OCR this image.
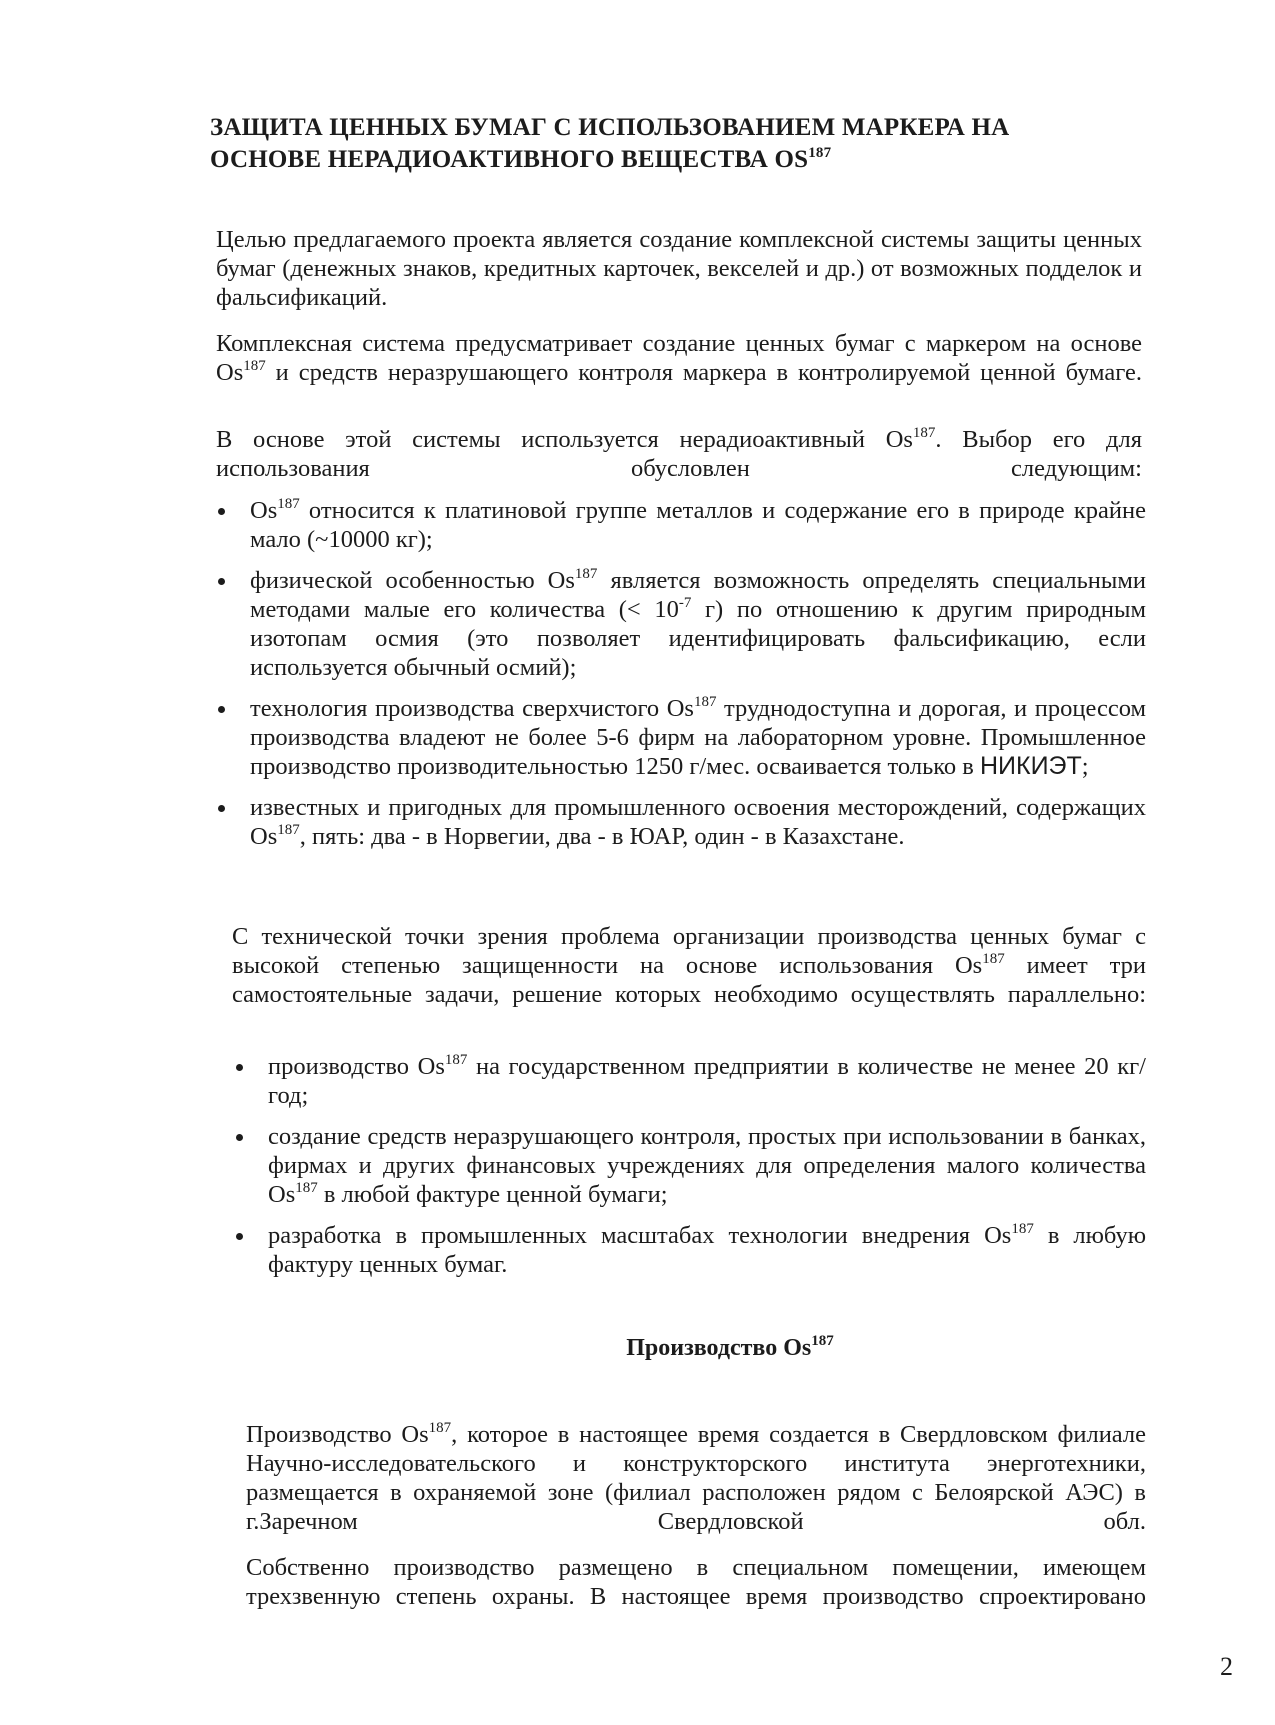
ЗАЩИТА ЦЕННЫХ БУМАГ С ИСПОЛЬЗОВАНИЕМ МАРКЕРА НА
ОСНОВЕ НЕРАДИОАКТИВНОГО ВЕЩЕСТВА OS$^{187}$

Целью предлагаемого проекта является создание комплексной системы защиты ценных бумаг (денежных знаков, кредитных карточек, векселей и др.) от возможных подделок и фальсификаций.

Комплексная система предусматривает создание ценных бумаг с маркером на основе Os$^{187}$ и средств неразрушающего контроля маркера в контролируемой ценной бумаге.

В основе этой системы используется нерадиоактивный Os$^{187}$. Выбор его для использования обусловлен следующим:

Os$^{187}$ относится к платиновой группе металлов и содержание его в природе крайне мало (~10000 кг);
физической особенностью Os$^{187}$ является возможность определять специальными методами малые его количества (< $10^{-7}$ г) по отношению к другим природным изотопам осмия (это позволяет идентифицировать фальсификацию, если используется обычный осмий);
технология производства сверхчистого Os$^{187}$ труднодоступна и дорогая, и процессом производства владеют не более 5-6 фирм на лабораторном уровне. Промышленное производство производительностью 1250 г/мес. осваивается только в НИКИЭТ;
известных и пригодных для промышленного освоения месторождений, содержащих Os$^{187}$, пять: два - в Норвегии, два - в ЮАР, один - в Казахстане.

С технической точки зрения проблема организации производства ценных бумаг с высокой степенью защищенности на основе использования Os$^{187}$ имеет три самостоятельные задачи, решение которых необходимо осуществлять параллельно:

производство Os$^{187}$ на государственном предприятии в количестве не менее 20 кг/год;
создание средств неразрушающего контроля, простых при использовании в банках, фирмах и других финансовых учреждениях для определения малого количества Os$^{187}$ в любой фактуре ценной бумаги;
разработка в промышленных масштабах технологии внедрения Os$^{187}$ в любую фактуру ценных бумаг.
Производство Os$^{187}$

Производство Os$^{187}$, которое в настоящее время создается в Свердловском филиале Научно-исследовательского и конструкторского института энерготехники, размещается в охраняемой зоне (филиал расположен рядом с Белоярской АЭС) в г.Заречном Свердловской обл.

Собственно производство размещено в специальном помещении, имеющем трехзвенную степень охраны. В настоящее время производство спроектировано

2
